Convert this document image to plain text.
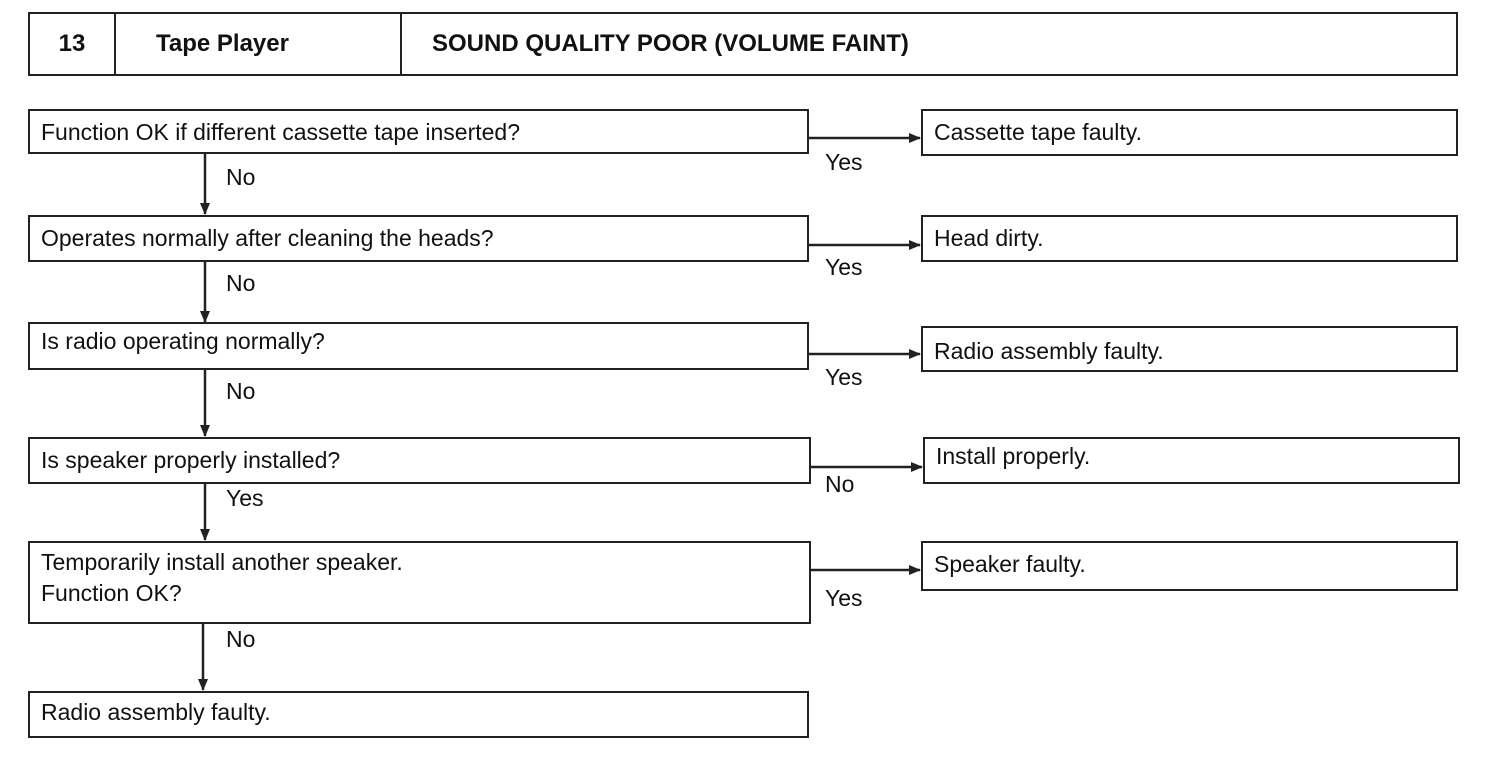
13	Tape Player	SOUND QUALITY POOR (VOLUME FAINT)
Function OK if different cassette tape inserted?
Operates normally after cleaning the heads?
Is radio operating normally?
Is speaker properly installed?
Temporarily install another speaker.
Function OK?
Radio assembly faulty.
Cassette tape faulty.
Head dirty.
Radio assembly faulty.
Install properly.
Speaker faulty.
Yes
Yes
Yes
No
Yes
No
No
No
Yes
No
